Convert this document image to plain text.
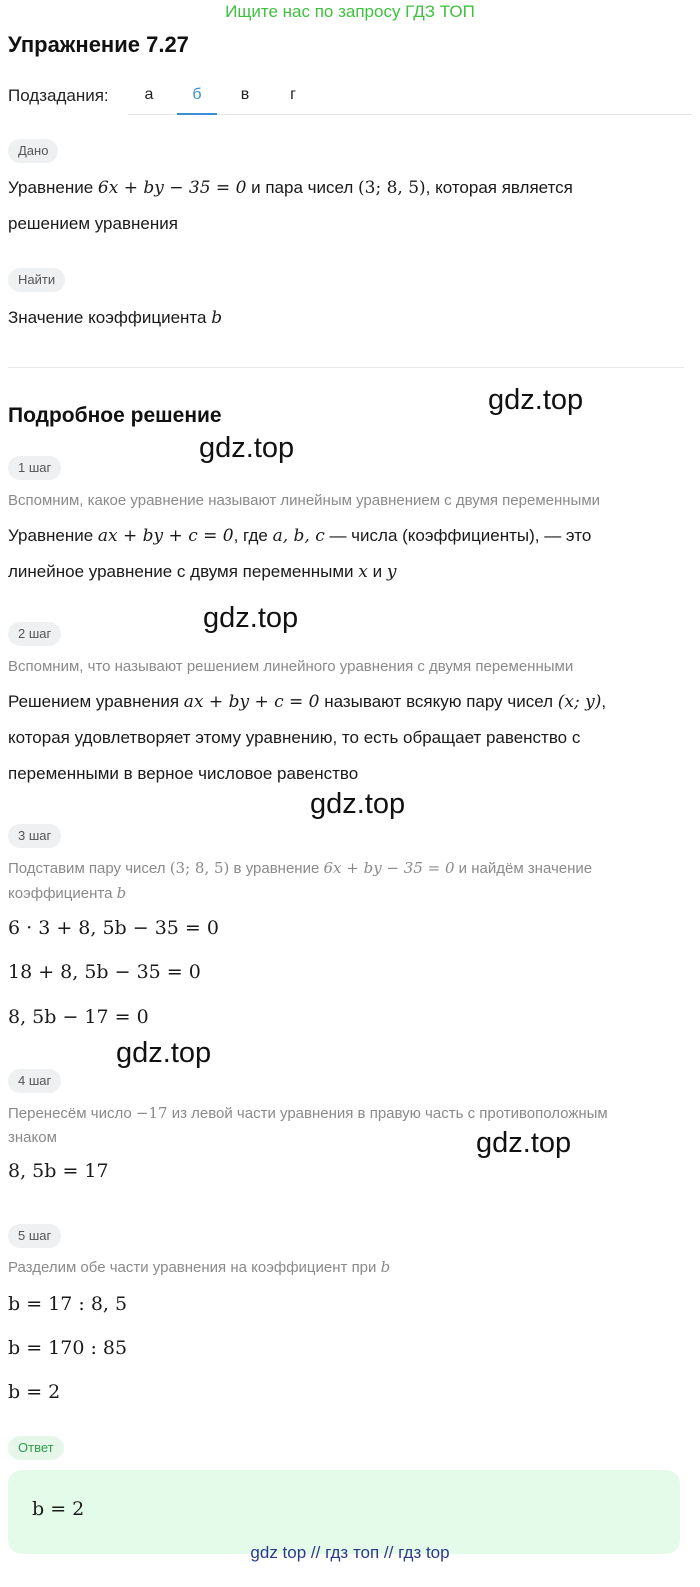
Ищите нас по запросу ГДЗ ТОП
Упражнение 7.27
Подзадания:	а	б	в	г
Дано
Уравнение 6x + by − 35 = 0 и пара чисел (3; 8, 5), которая является
решением уравнения
Найти
Значение коэффициента b
Подробное решение	gdz.top
gdz.top
gdz.top
gdz.top
gdz.top
gdz.top
1 шаг
Вспомним, какое уравнение называют линейным уравнением с двумя переменными
Уравнение ax + by + c = 0, где a, b, c — числа (коэффициенты), — это
линейное уравнение с двумя переменными x и y
2 шаг
Вспомним, что называют решением линейного уравнения с двумя переменными
Решением уравнения ax + by + c = 0 называют всякую пару чисел (x; y),
которая удовлетворяет этому уравнению, то есть обращает равенство с
переменными в верное числовое равенство
3 шаг
Подставим пару чисел (3; 8, 5) в уравнение 6x + by − 35 = 0 и найдём значение
коэффициента b
6 · 3 + 8, 5b − 35 = 0
18 + 8, 5b − 35 = 0
8, 5b − 17 = 0
4 шаг
Перенесём число −17 из левой части уравнения в правую часть с противоположным
знаком
8, 5b = 17
5 шаг
Разделим обе части уравнения на коэффициент при b
b = 17 : 8, 5
b = 170 : 85
b = 2
Ответ
b = 2
gdz top // гдз топ // гдз top
